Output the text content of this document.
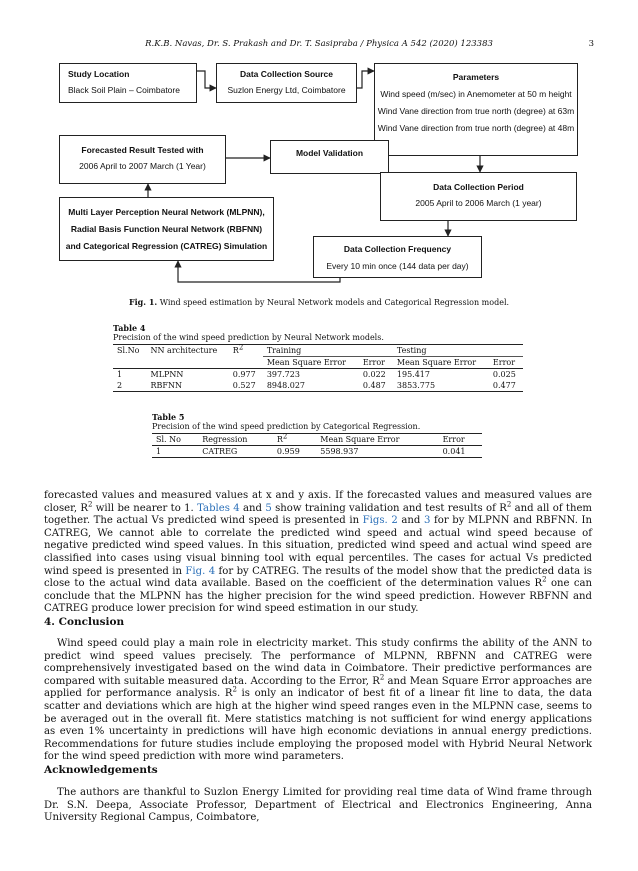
R.K.B. Navas, Dr. S. Prakash and Dr. T. Sasipraba / Physica A 542 (2020) 123383	3
Study Location
Black Soil Plain – Coimbatore
Data Collection Source
Suzlon Energy Ltd, Coimbatore
Parameters
Wind speed (m/sec) in Anemometer at 50 m height
Wind Vane direction from true north (degree) at 63m
Wind Vane direction from true north (degree) at 48m
Forecasted Result Tested with
2006 April to 2007 March (1 Year)
Model Validation
Data Collection Period
2005 April to 2006 March (1 year)
Multi Layer Perception Neural Network (MLPNN),
Radial Basis Function Neural Network (RBFNN)
and Categorical Regression (CATREG) Simulation	Data Collection Frequency
Every 10 min once (144 data per day)
Fig. 1. Wind speed estimation by Neural Network models and Categorical Regression model.
Table 4
Precision of the wind speed prediction by Neural Network models.
Sl.No	NN architecture	$R^2$	Training		Testing	
			Mean Square Error	Error	Mean Square Error	Error
1	MLPNN	0.977	397.723	0.022	195.417	0.025
2	RBFNN	0.527	8948.027	0.487	3853.775	0.477
Table 5
Precision of the wind speed prediction by Categorical Regression.
Sl. No	Regression	$R^2$	Mean Square Error	Error
1	CATREG	0.959	5598.937	0.041

forecasted values and measured values at x and y axis. If the forecasted values and measured values are closer, $R^2$ will be nearer to 1. Tables 4 and 5 show training validation and test results of $R^2$ and all of them together. The actual Vs predicted wind speed is presented in Figs. 2 and 3 for by MLPNN and RBFNN. In CATREG, We cannot able to correlate the predicted wind speed and actual wind speed because of negative predicted wind speed values. In this situation, predicted wind speed and actual wind speed are classified into cases using visual binning tool with equal percentiles. The cases for actual Vs predicted wind speed is presented in Fig. 4 for by CATREG. The results of the model show that the predicted data is close to the actual wind data available. Based on the coefficient of the determination values $R^2$ one can conclude that the MLPNN has the higher precision for the wind speed prediction. However RBFNN and CATREG produce lower precision for wind speed estimation in our study.

4. Conclusion

Wind speed could play a main role in electricity market. This study confirms the ability of the ANN to predict wind speed values precisely. The performance of MLPNN, RBFNN and CATREG were comprehensively investigated based on the wind data in Coimbatore. Their predictive performances are compared with suitable measured data. According to the Error, $R^2$ and Mean Square Error approaches are applied for performance analysis. $R^2$ is only an indicator of best fit of a linear fit line to data, the data scatter and deviations which are high at the higher wind speed ranges even in the MLPNN case, seems to be averaged out in the overall fit. Mere statistics matching is not sufficient for wind energy applications as even 1% uncertainty in predictions will have high economic deviations in annual energy predictions. Recommendations for future studies include employing the proposed model with Hybrid Neural Network for the wind speed prediction with more wind parameters.

Acknowledgements

The authors are thankful to Suzlon Energy Limited for providing real time data of Wind frame through Dr. S.N. Deepa, Associate Professor, Department of Electrical and Electronics Engineering, Anna University Regional Campus, Coimbatore,
